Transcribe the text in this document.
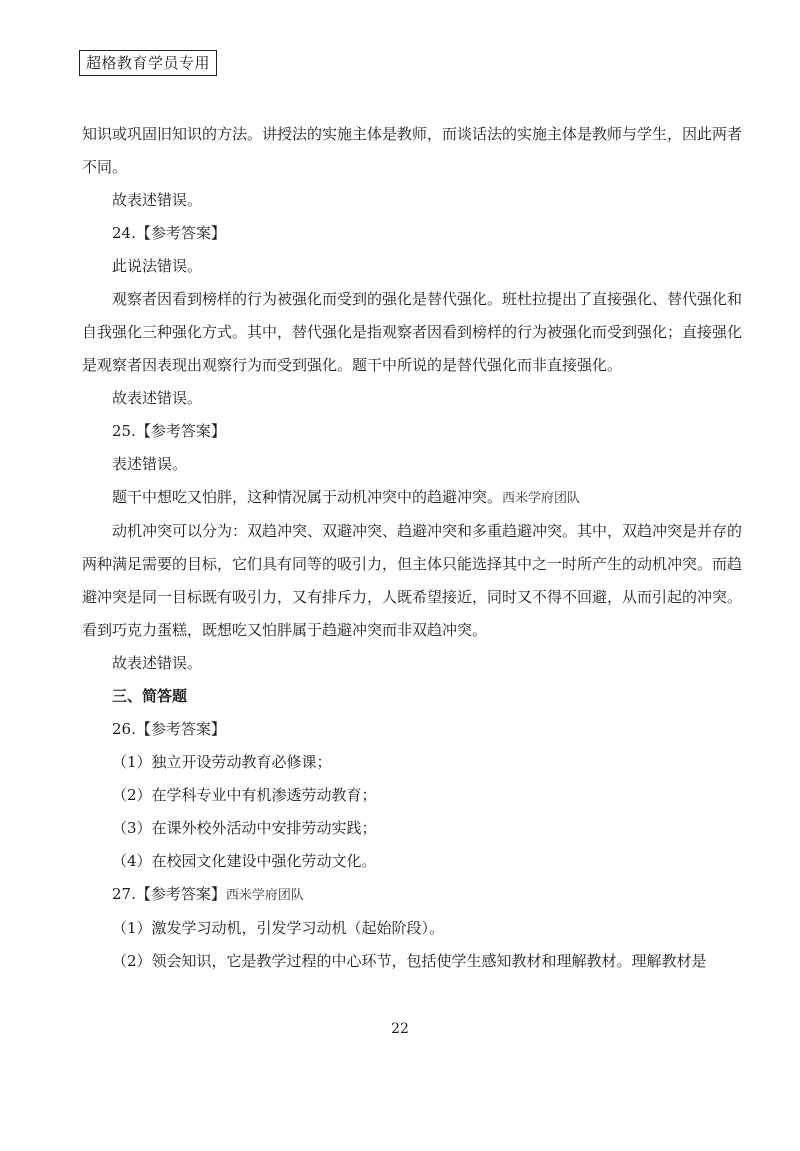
超格教育学员专用

知识或巩固旧知识的方法。讲授法的实施主体是教师，而谈话法的实施主体是教师与学生，因此两者不同。

故表述错误。

24.【参考答案】

此说法错误。

观察者因看到榜样的行为被强化而受到的强化是替代强化。班杜拉提出了直接强化、替代强化和自我强化三种强化方式。其中，替代强化是指观察者因看到榜样的行为被强化而受到强化；直接强化是观察者因表现出观察行为而受到强化。题干中所说的是替代强化而非直接强化。

故表述错误。

25.【参考答案】

表述错误。

题干中想吃又怕胖，这种情况属于动机冲突中的趋避冲突。西米学府团队

动机冲突可以分为：双趋冲突、双避冲突、趋避冲突和多重趋避冲突。其中，双趋冲突是并存的两种满足需要的目标，它们具有同等的吸引力，但主体只能选择其中之一时所产生的动机冲突。而趋避冲突是同一目标既有吸引力，又有排斥力，人既希望接近，同时又不得不回避，从而引起的冲突。看到巧克力蛋糕，既想吃又怕胖属于趋避冲突而非双趋冲突。

故表述错误。

三、简答题

26.【参考答案】

（1）独立开设劳动教育必修课；

（2）在学科专业中有机渗透劳动教育；

（3）在课外校外活动中安排劳动实践；

（4）在校园文化建设中强化劳动文化。

27.【参考答案】西米学府团队

（1）激发学习动机，引发学习动机（起始阶段）。

（2）领会知识，它是教学过程的中心环节，包括使学生感知教材和理解教材。理解教材是

22
